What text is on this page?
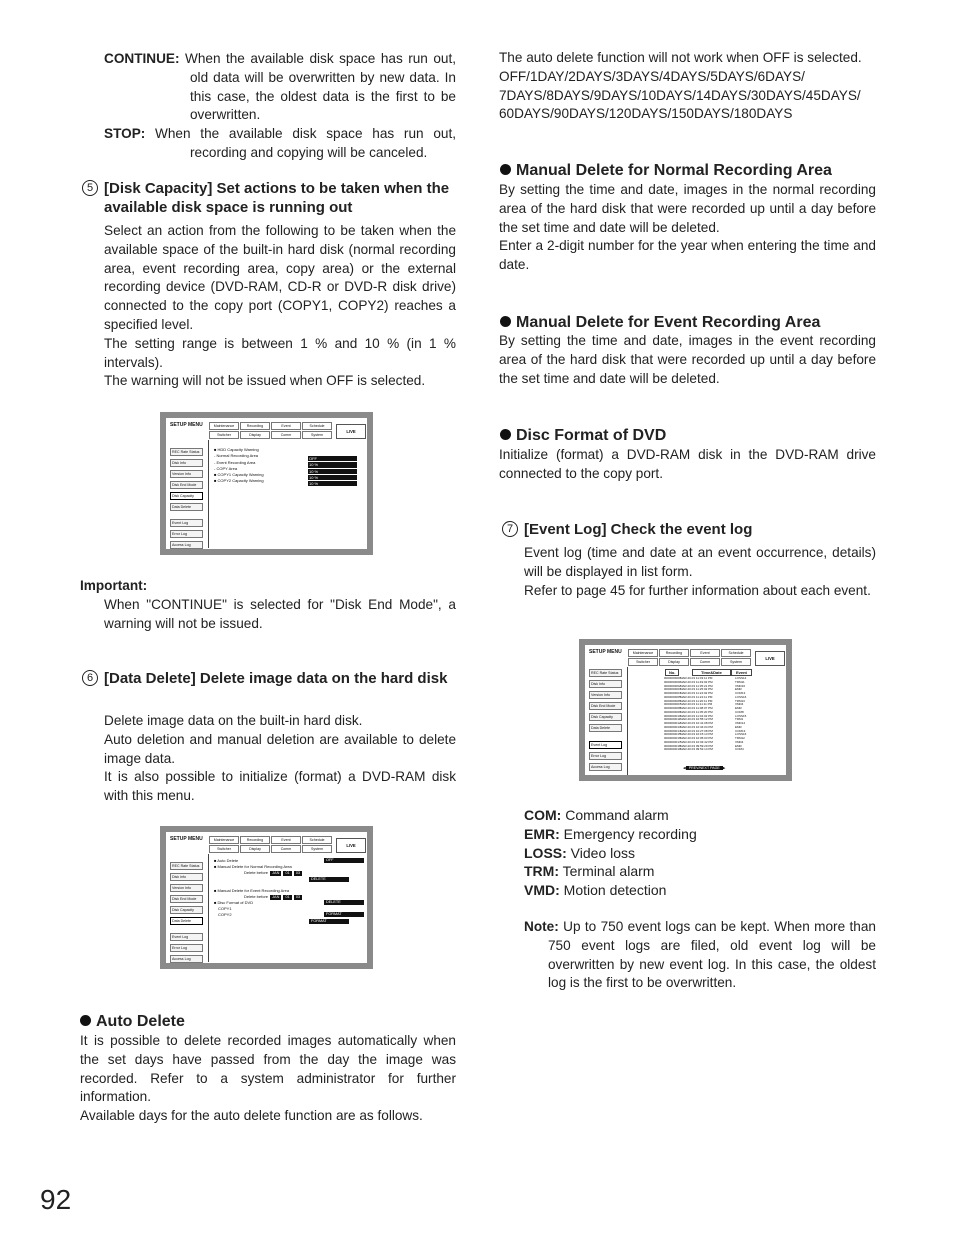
CONTINUE: When the available disk space has run out, old data will be overwritten by new data. In this case, the oldest data is the first to be overwritten.

STOP: When the available disk space has run out, recording and copying will be canceled.

5 [Disk Capacity] Set actions to be taken when the available disk space is running out

Select an action from the following to be taken when the available space of the built-in hard disk (normal recording area, event recording area, copy area) or the external recording device (DVD-RAM, CD-R or DVD-R disk drive) connected to the copy port (COPY1, COPY2) reaches a specified level.

The setting range is between 1 % and 10 % (in 1 % intervals).

The warning will not be issued when OFF is selected.

SETUP MENU	Maintenance	Recording	Event	Schedule
Switcher	Display	Comm	System
LIVE
REC Rate Status
Disk Info
Version Info
Disk End Mode
Disk Capacity
Data Delete
Event Log
Error Log
Access Log
■ HDD Capacity Warning
- Normal Recording Area
- Event Recording Area
- COPY Area
■ COPY1 Capacity Warning
■ COPY2 Capacity Warning
OFF
10 %
10 %
10 %
10 %

Important:

When "CONTINUE" is selected for "Disk End Mode", a warning will not be issued.

6 [Data Delete] Delete image data on the hard disk

Delete image data on the built-in hard disk.

Auto deletion and manual deletion are available to delete image data.

It is also possible to initialize (format) a DVD-RAM disk with this menu.

SETUP MENU	Maintenance	Recording	Event	Schedule
Switcher	Display	Comm	System
LIVE
REC Rate Status
Disk Info
Version Info
Disk End Mode
Disk Capacity
Data Delete
Event Log
Error Log
Access Log
■ Auto Delete	OFF
■ Manual Delete for Normal Recording Area
Delete before JAN 01 03
DELETE
■ Manual Delete for Event Recording Area
Delete before JAN 01 03
■ Disc Format of DVD	DELETE
COPY1
COPY2	FORMAT
FORMAT
Auto Delete

It is possible to delete recorded images automatically when the set days have passed from the day the image was recorded. Refer to a system administrator for further information.

Available days for the auto delete function are as follows.

The auto delete function will not work when OFF is selected.

OFF/1DAY/2DAYS/3DAYS/4DAYS/5DAYS/6DAYS/

7DAYS/8DAYS/9DAYS/10DAYS/14DAYS/30DAYS/45DAYS/

60DAYS/90DAYS/120DAYS/150DAYS/180DAYS

Manual Delete for Normal Recording Area

By setting the time and date, images in the normal recording area of the hard disk that were recorded up until a day before the set time and date will be deleted.

Enter a 2-digit number for the year when entering the time and date.

Manual Delete for Event Recording Area

By setting the time and date, images in the event recording area of the hard disk that were recorded up until a day before the set time and date will be deleted.

Disc Format of DVD

Initialize (format) a DVD-RAM disk in the DVD-RAM drive connected to the copy port.

7 [Event Log] Check the event log

Event log (time and date at an event occurrence, details) will be displayed in list form.

Refer to page 45 for further information about each event.

SETUP MENU	Maintenance	Recording	Event	Schedule
Switcher	Display	Comm	System
LIVE
REC Rate Status
Disk Info
Version Info
Disk End Mode
Disk Capacity
Data Delete
Event Log
Error Log
Access Log
No.	Time&Date	Event
0000000000 MAR.20.03 11:03:11 PM	LOSS14
0000000001 MAR.20.03 11:49:02 PM	TRM11
0000000002 MAR.20.03 11:35:21 PM	VMD16
0000000003 MAR.20.03 11:25:02 PM	EMR
0000000004 MAR.20.03 11:24:02 PM	COM13
0000000005 MAR.20.03 11:24:11 PM	LOSS16
0000000006 MAR.20.03 11:20:11 PM	TRM13
0000000007 MAR.20.03 11:11:11 PM	VMD4
0000000008 MAR.20.03 11:08:07 PM	EMR
0000000009 MAR.20.03 11:05:20 PM	COM8
0000000010 MAR.20.03 11:04:02 PM	LOSS15
0000000011 MAR.20.03 10:55:12 PM	TRM1
0000000012 MAR.20.03 10:41:08 PM	VMD14
0000000013 MAR.20.03 10:34:04 PM	EMR
0000000014 MAR.20.03 10:27:08 PM	COM13
0000000015 MAR.20.03 10:15:13 PM	LOSS16
0000000016 MAR.20.03 10:05:03 PM	TRM12
0000000017 MAR.20.03 10:03:42 PM	VMD4
0000000018 MAR.20.03 09:59:29 PM	EMR
0000000019 MAR.20.03 09:52:14 PM	COM4
◀ PREV/NEXT PAGE ▶
COM: Command alarm
EMR: Emergency recording
LOSS: Video loss
TRM: Terminal alarm
VMD: Motion detection
Note: Up to 750 event logs can be kept. When more than 750 event logs are filed, old event log will be overwritten by new event log. In this case, the oldest log is the first to be overwritten.
92
